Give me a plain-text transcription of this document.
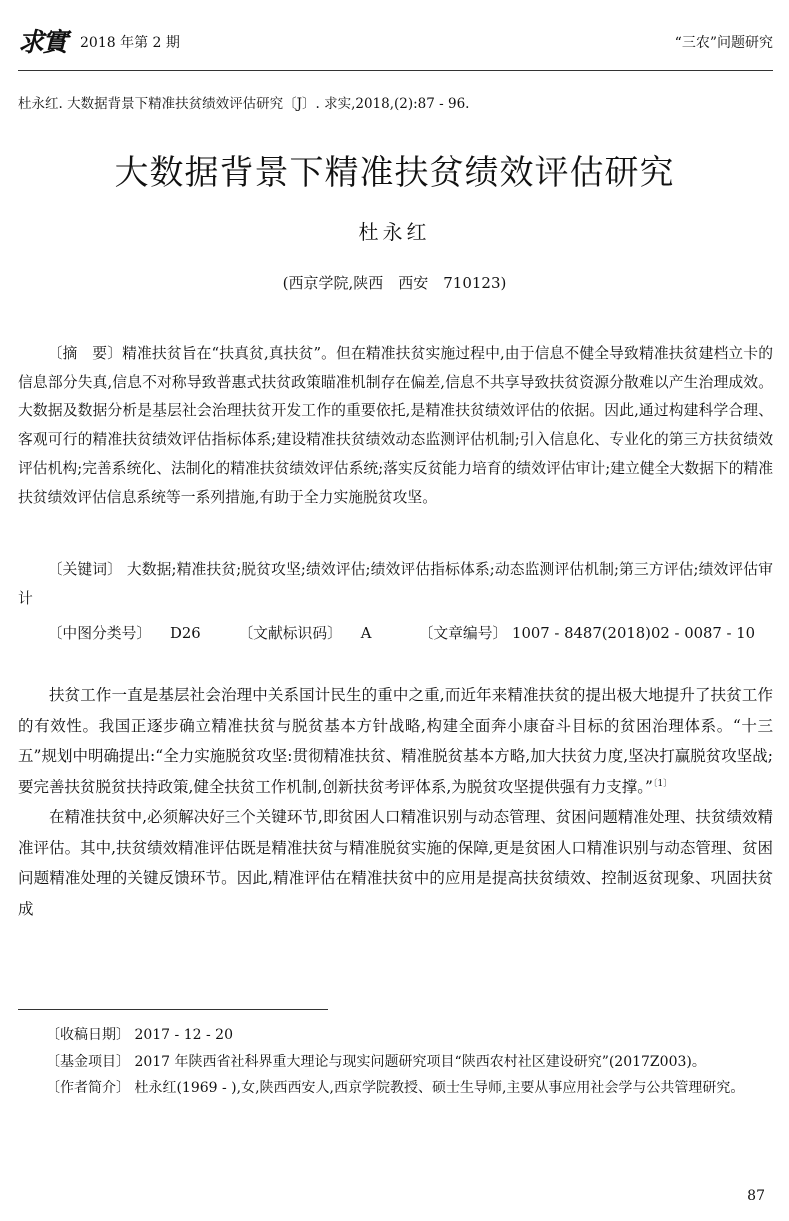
求實 2018 年第 2 期	“三农”问题研究
杜永红. 大数据背景下精准扶贫绩效评估研究〔J〕. 求实,2018,(2):87 - 96.
大数据背景下精准扶贫绩效评估研究
杜永红
(西京学院,陕西　西安　710123)

〔摘　要〕精准扶贫旨在“扶真贫,真扶贫”。但在精准扶贫实施过程中,由于信息不健全导致精准扶贫建档立卡的信息部分失真,信息不对称导致普惠式扶贫政策瞄准机制存在偏差,信息不共享导致扶贫资源分散难以产生治理成效。大数据及数据分析是基层社会治理扶贫开发工作的重要依托,是精准扶贫绩效评估的依据。因此,通过构建科学合理、客观可行的精准扶贫绩效评估指标体系;建设精准扶贫绩效动态监测评估机制;引入信息化、专业化的第三方扶贫绩效评估机构;完善系统化、法制化的精准扶贫绩效评估系统;落实反贫能力培育的绩效评估审计;建立健全大数据下的精准扶贫绩效评估信息系统等一系列措施,有助于全力实施脱贫攻坚。

〔关键词〕 大数据;精准扶贫;脱贫攻坚;绩效评估;绩效评估指标体系;动态监测评估机制;第三方评估;绩效评估审计

〔中图分类号〕 D26	〔文献标识码〕 A	〔文章编号〕 1007 - 8487(2018)02 - 0087 - 10

扶贫工作一直是基层社会治理中关系国计民生的重中之重,而近年来精准扶贫的提出极大地提升了扶贫工作的有效性。我国正逐步确立精准扶贫与脱贫基本方针战略,构建全面奔小康奋斗目标的贫困治理体系。“十三五”规划中明确提出:“全力实施脱贫攻坚:贯彻精准扶贫、精准脱贫基本方略,加大扶贫力度,坚决打赢脱贫攻坚战;要完善扶贫脱贫扶持政策,健全扶贫工作机制,创新扶贫考评体系,为脱贫攻坚提供强有力支撑。”$^{〔1〕}$

在精准扶贫中,必须解决好三个关键环节,即贫困人口精准识别与动态管理、贫困问题精准处理、扶贫绩效精准评估。其中,扶贫绩效精准评估既是精准扶贫与精准脱贫实施的保障,更是贫困人口精准识别与动态管理、贫困问题精准处理的关键反馈环节。因此,精准评估在精准扶贫中的应用是提高扶贫绩效、控制返贫现象、巩固扶贫成

〔收稿日期〕 2017 - 12 - 20

〔基金项目〕 2017 年陕西省社科界重大理论与现实问题研究项目“陕西农村社区建设研究”(2017Z003)。

〔作者简介〕 杜永红(1969 - ),女,陕西西安人,西京学院教授、硕士生导师,主要从事应用社会学与公共管理研究。

87
